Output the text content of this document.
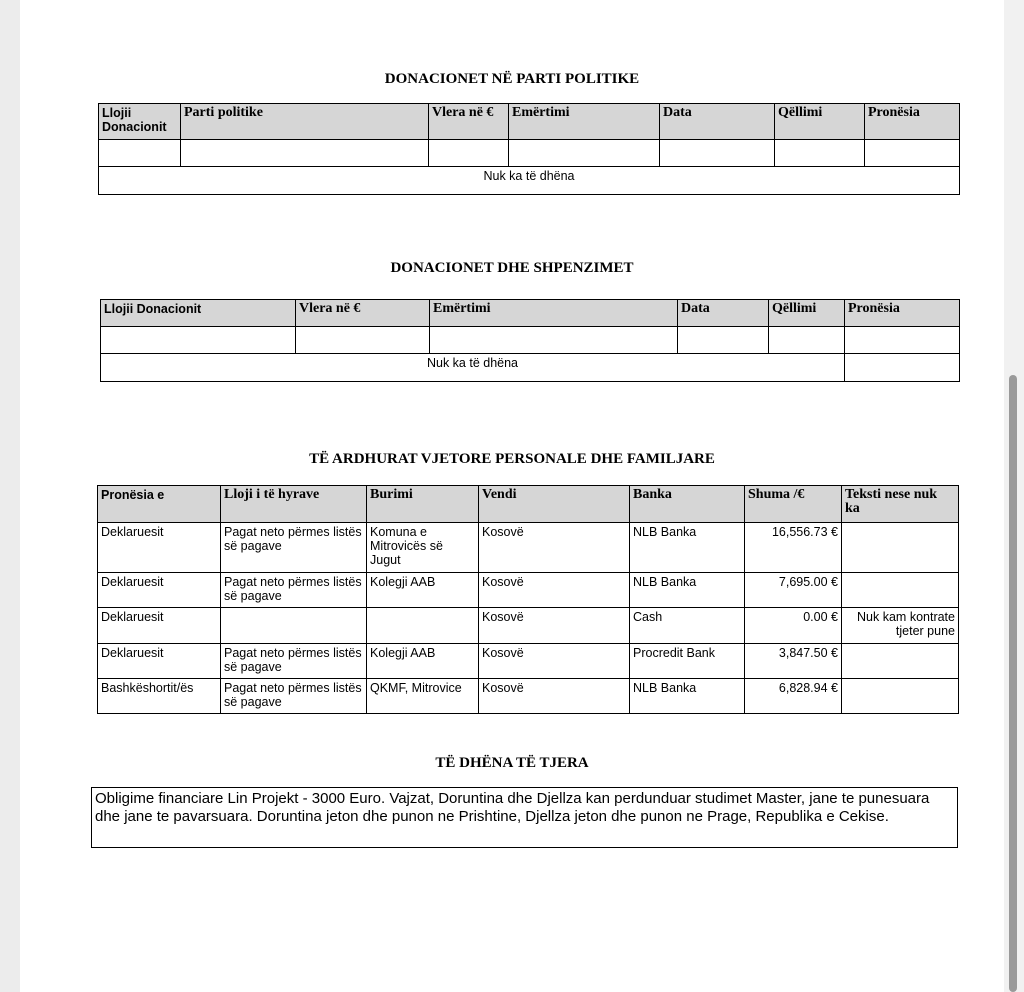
DONACIONET NË PARTI POLITIKE
Llojii Donacionit	Parti politike	Vlera në €	Emërtimi	Data	Qëllimi	Pronësia

Nuk ka të dhëna						
DONACIONET DHE SHPENZIMET
Llojii Donacionit	Vlera në €	Emërtimi	Data	Qëllimi	Pronësia

Nuk ka të dhëna					
TË ARDHURAT VJETORE PERSONALE DHE FAMILJARE
Pronësia e	Lloji i të hyrave	Burimi	Vendi	Banka	Shuma /€	Teksti nese nuk ka
Deklaruesit	Pagat neto përmes listës së pagave	Komuna e Mitrovicës së Jugut	Kosovë	NLB Banka	16,556.73 €	
Deklaruesit	Pagat neto përmes listës së pagave	Kolegji AAB	Kosovë	NLB Banka	7,695.00 €	
Deklaruesit			Kosovë	Cash	0.00 €	Nuk kam kontrate tjeter pune
Deklaruesit	Pagat neto përmes listës së pagave	Kolegji AAB	Kosovë	Procredit Bank	3,847.50 €	
Bashkëshortit/ës	Pagat neto përmes listës së pagave	QKMF, Mitrovice	Kosovë	NLB Banka	6,828.94 €	
TË DHËNA TË TJERA
Obligime financiare Lin Projekt - 3000 Euro. Vajzat, Doruntina dhe Djellza kan perdunduar studimet Master, jane te punesuara dhe jane te pavarsuara. Doruntina jeton dhe punon ne Prishtine, Djellza jeton dhe punon ne Prage, Republika e Cekise.
